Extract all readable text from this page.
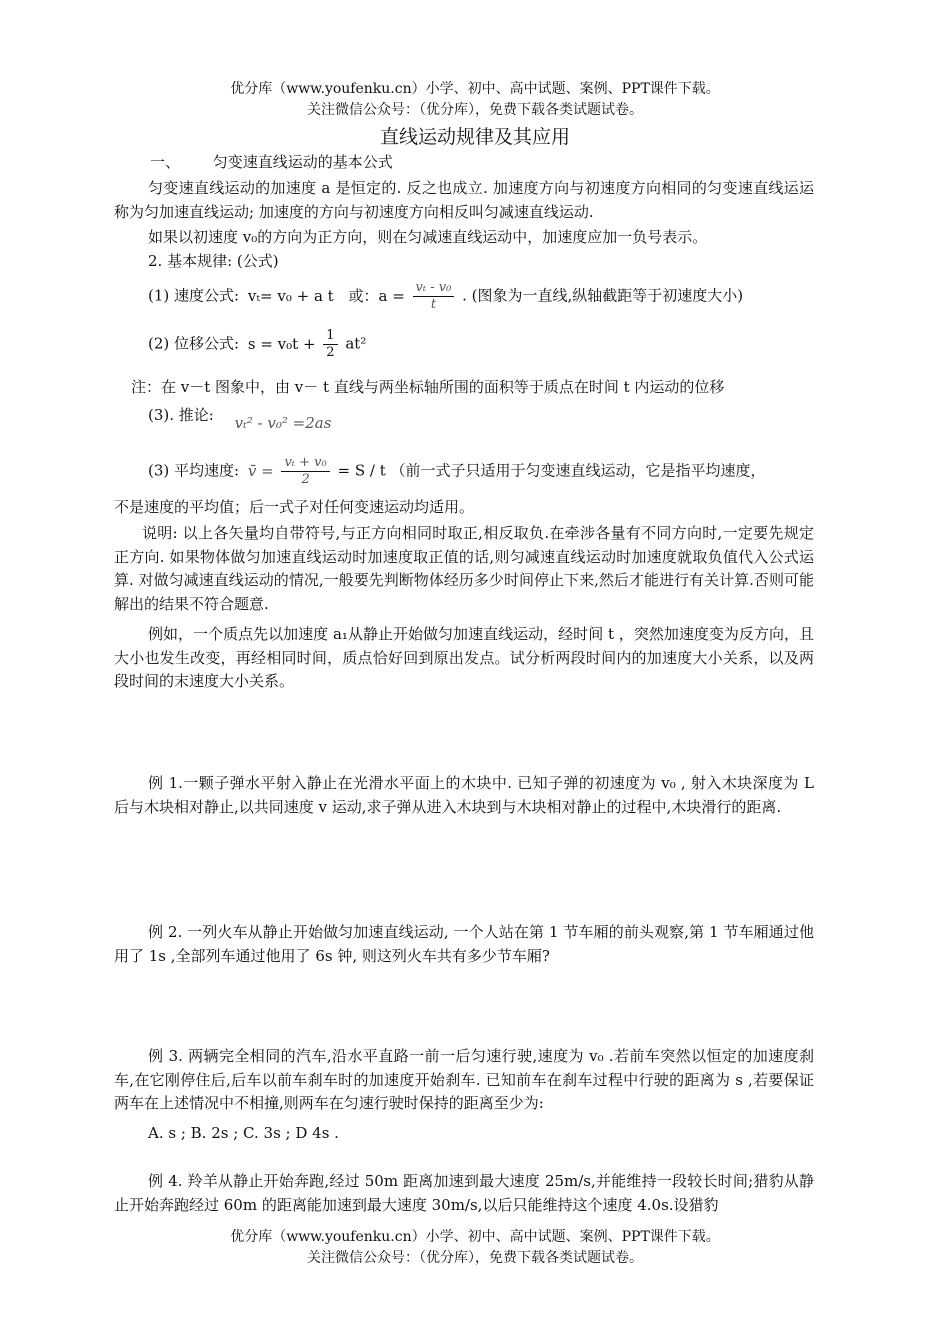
优分库（www.youfenku.cn）小学、初中、高中试题、案例、PPT课件下载。
关注微信公众号：（优分库），免费下载各类试题试卷。
直线运动规律及其应用
一、 匀变速直线运动的基本公式
匀变速直线运动的加速度 a 是恒定的. 反之也成立. 加速度方向与初速度方向相同的匀变速直线运运称为匀加速直线运动; 加速度的方向与初速度方向相反叫匀减速直线运动.
如果以初速度 v₀的方向为正方向，则在匀减速直线运动中，加速度应加一负号表示。
2. 基本规律: (公式)
(1) 速度公式: vₜ= v₀ + a t 或：$a = \frac{\text{vₜ - v₀}}{t}$ . (图象为一直线,纵轴截距等于初速度大小)
(2) 位移公式: $s = v_0t + \frac{1}{2} at^2$
注：在 v－t 图象中，由 v－ t 直线与两坐标轴所围的面积等于质点在时间 t 内运动的位移
(3). 推论: vₜ² - v₀² =2as
(3) 平均速度: v̄ = $\frac{\text{vₜ + v₀}}{2} = S / t$ （前一式子只适用于匀变速直线运动，它是指平均速度，
不是速度的平均值；后一式子对任何变速运动均适用。
说明: 以上各矢量均自带符号,与正方向相同时取正,相反取负.在牵涉各量有不同方向时,一定要先规定正方向. 如果物体做匀加速直线运动时加速度取正值的话,则匀减速直线运动时加速度就取负值代入公式运算. 对做匀减速直线运动的情况,一般要先判断物体经历多少时间停止下来,然后才能进行有关计算.否则可能解出的结果不符合题意.
例如，一个质点先以加速度 a₁从静止开始做匀加速直线运动，经时间 t ，突然加速度变为反方向，且大小也发生改变，再经相同时间，质点恰好回到原出发点。试分析两段时间内的加速度大小关系，以及两段时间的末速度大小关系。
例 1.一颗子弹水平射入静止在光滑水平面上的木块中. 已知子弹的初速度为 v₀ , 射入木块深度为 L 后与木块相对静止,以共同速度 v 运动,求子弹从进入木块到与木块相对静止的过程中,木块滑行的距离.
例 2. 一列火车从静止开始做匀加速直线运动, 一个人站在第 1 节车厢的前头观察,第 1 节车厢通过他用了 1s ,全部列车通过他用了 6s 钟, 则这列火车共有多少节车厢?
例 3. 两辆完全相同的汽车,沿水平直路一前一后匀速行驶,速度为 v₀ .若前车突然以恒定的加速度刹车,在它刚停住后,后车以前车刹车时的加速度开始刹车. 已知前车在刹车过程中行驶的距离为 s ,若要保证两车在上述情况中不相撞,则两车在匀速行驶时保持的距离至少为:
A. s ; B. 2s ; C. 3s ; D 4s .
例 4. 羚羊从静止开始奔跑,经过 50m 距离加速到最大速度 25m/s,并能维持一段较长时间;猎豹从静止开始奔跑经过 60m 的距离能加速到最大速度 30m/s,以后只能维持这个速度 4.0s.设猎豹
优分库（www.youfenku.cn）小学、初中、高中试题、案例、PPT课件下载。
关注微信公众号：（优分库），免费下载各类试题试卷。
